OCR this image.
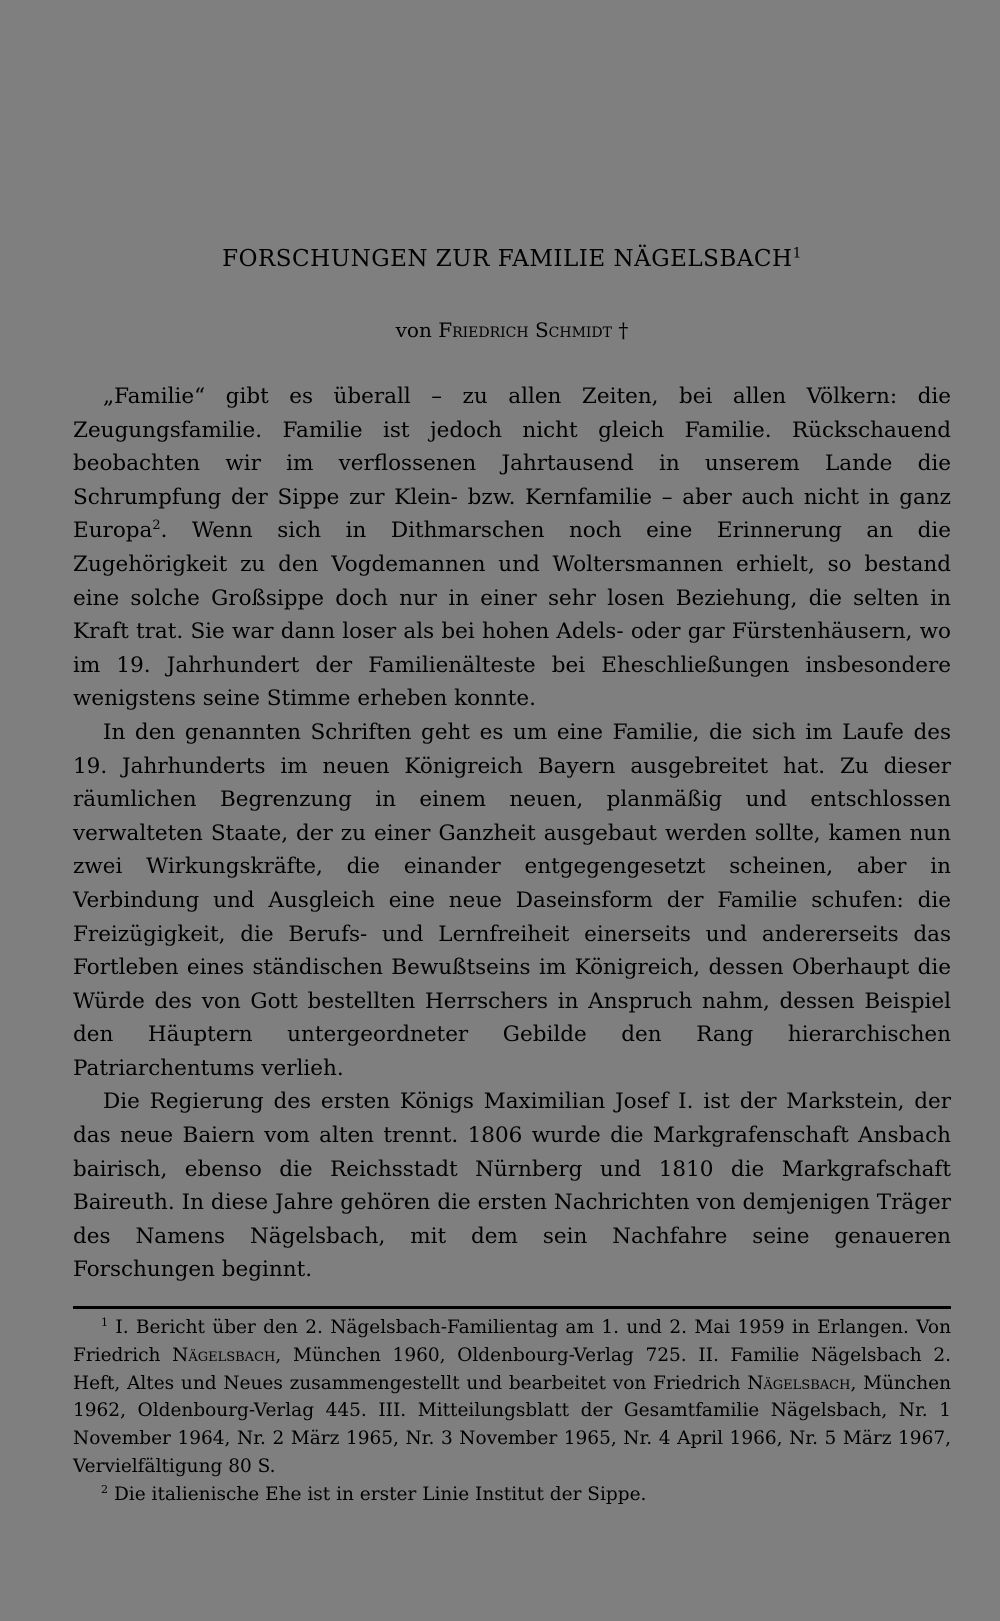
FORSCHUNGEN ZUR FAMILIE NÄGELSBACH$^1$
von Friedrich Schmidt †

„Familie“ gibt es überall – zu allen Zeiten, bei allen Völkern: die Zeugungsfamilie. Familie ist jedoch nicht gleich Familie. Rückschauend beobachten wir im verflossenen Jahrtausend in unserem Lande die Schrumpfung der Sippe zur Klein- bzw. Kernfamilie – aber auch nicht in ganz Europa$^2$. Wenn sich in Dithmarschen noch eine Erinnerung an die Zugehörigkeit zu den Vogdemannen und Woltersmannen erhielt, so bestand eine solche Großsippe doch nur in einer sehr losen Beziehung, die selten in Kraft trat. Sie war dann loser als bei hohen Adels- oder gar Fürstenhäusern, wo im 19. Jahrhundert der Familienälteste bei Eheschließungen insbesondere wenigstens seine Stimme erheben konnte.

In den genannten Schriften geht es um eine Familie, die sich im Laufe des 19. Jahrhunderts im neuen Königreich Bayern ausgebreitet hat. Zu dieser räumlichen Begrenzung in einem neuen, planmäßig und entschlossen verwalteten Staate, der zu einer Ganzheit ausgebaut werden sollte, kamen nun zwei Wirkungskräfte, die einander entgegengesetzt scheinen, aber in Verbindung und Ausgleich eine neue Daseinsform der Familie schufen: die Freizügigkeit, die Berufs- und Lernfreiheit einerseits und andererseits das Fortleben eines ständischen Bewußtseins im Königreich, dessen Oberhaupt die Würde des von Gott bestellten Herrschers in Anspruch nahm, dessen Beispiel den Häuptern untergeordneter Gebilde den Rang hierarchischen Patriarchentums verlieh.

Die Regierung des ersten Königs Maximilian Josef I. ist der Markstein, der das neue Baiern vom alten trennt. 1806 wurde die Markgrafenschaft Ansbach bairisch, ebenso die Reichsstadt Nürnberg und 1810 die Markgrafschaft Baireuth. In diese Jahre gehören die ersten Nachrichten von demjenigen Träger des Namens Nägelsbach, mit dem sein Nachfahre seine genaueren Forschungen beginnt.

$^1$ I. Bericht über den 2. Nägelsbach-Familientag am 1. und 2. Mai 1959 in Erlangen. Von Friedrich Nägelsbach, München 1960, Oldenbourg-Verlag 725. II. Familie Nägelsbach 2. Heft, Altes und Neues zusammengestellt und bearbeitet von Friedrich Nägelsbach, München 1962, Oldenbourg-Verlag 445. III. Mitteilungsblatt der Gesamtfamilie Nägelsbach, Nr. 1 November 1964, Nr. 2 März 1965, Nr. 3 November 1965, Nr. 4 April 1966, Nr. 5 März 1967, Vervielfältigung 80 S.

$^2$ Die italienische Ehe ist in erster Linie Institut der Sippe.
